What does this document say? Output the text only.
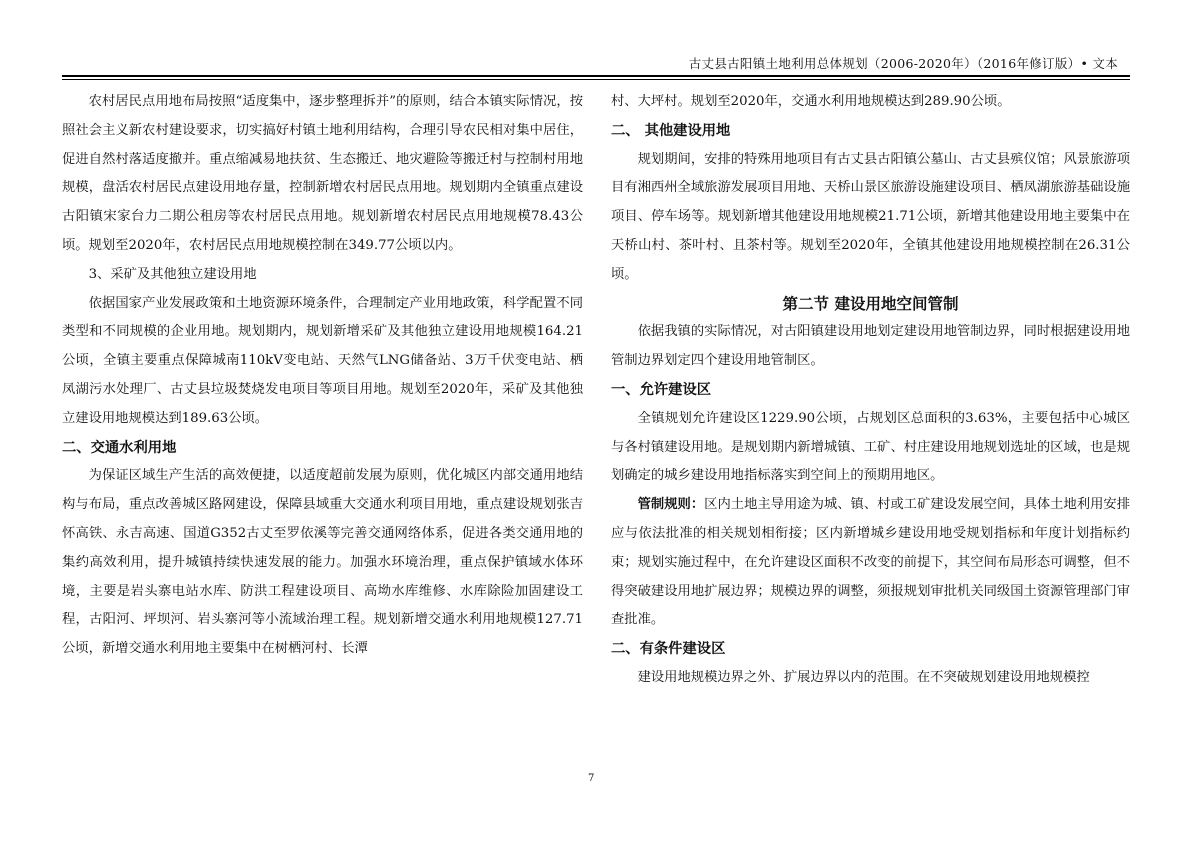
古丈县古阳镇土地利用总体规划（2006-2020年）（2016年修订版）• 文本

农村居民点用地布局按照“适度集中，逐步整理拆并”的原则，结合本镇实际情况，按照社会主义新农村建设要求，切实搞好村镇土地利用结构，合理引导农民相对集中居住，促进自然村落适度撤并。重点缩减易地扶贫、生态搬迁、地灾避险等搬迁村与控制村用地规模，盘活农村居民点建设用地存量，控制新增农村居民点用地。规划期内全镇重点建设古阳镇宋家台力二期公租房等农村居民点用地。规划新增农村居民点用地规模78.43公顷。规划至2020年，农村居民点用地规模控制在349.77公顷以内。

3、采矿及其他独立建设用地

依据国家产业发展政策和土地资源环境条件，合理制定产业用地政策，科学配置不同类型和不同规模的企业用地。规划期内，规划新增采矿及其他独立建设用地规模164.21公顷，全镇主要重点保障城南110kV变电站、天然气LNG储备站、3万千伏变电站、栖凤湖污水处理厂、古丈县垃圾焚烧发电项目等项目用地。规划至2020年，采矿及其他独立建设用地规模达到189.63公顷。

二、交通水利用地

为保证区域生产生活的高效便捷，以适度超前发展为原则，优化城区内部交通用地结构与布局，重点改善城区路网建设，保障县域重大交通水利项目用地，重点建设规划张吉怀高铁、永吉高速、国道G352古丈至罗依溪等完善交通网络体系，促进各类交通用地的集约高效利用，提升城镇持续快速发展的能力。加强水环境治理，重点保护镇域水体环境，主要是岩头寨电站水库、防洪工程建设项目、高坳水库维修、水库除险加固建设工程，古阳河、坪坝河、岩头寨河等小流域治理工程。规划新增交通水利用地规模127.71公顷，新增交通水利用地主要集中在树栖河村、长潭

村、大坪村。规划至2020年，交通水利用地规模达到289.90公顷。

二、 其他建设用地

规划期间，安排的特殊用地项目有古丈县古阳镇公墓山、古丈县殡仪馆；风景旅游项目有湘西州全域旅游发展项目用地、天桥山景区旅游设施建设项目、栖凤湖旅游基础设施项目、停车场等。规划新增其他建设用地规模21.71公顷，新增其他建设用地主要集中在天桥山村、茶叶村、且茶村等。规划至2020年，全镇其他建设用地规模控制在26.31公顷。

第二节 建设用地空间管制

依据我镇的实际情况，对古阳镇建设用地划定建设用地管制边界，同时根据建设用地管制边界划定四个建设用地管制区。

一、允许建设区

全镇规划允许建设区1229.90公顷，占规划区总面积的3.63%，主要包括中心城区与各村镇建设用地。是规划期内新增城镇、工矿、村庄建设用地规划选址的区域，也是规划确定的城乡建设用地指标落实到空间上的预期用地区。

管制规则：区内土地主导用途为城、镇、村或工矿建设发展空间，具体土地利用安排应与依法批准的相关规划相衔接；区内新增城乡建设用地受规划指标和年度计划指标约束；规划实施过程中，在允许建设区面积不改变的前提下，其空间布局形态可调整，但不得突破建设用地扩展边界；规模边界的调整，须报规划审批机关同级国土资源管理部门审查批准。

二、有条件建设区

建设用地规模边界之外、扩展边界以内的范围。在不突破规划建设用地规模控

7
